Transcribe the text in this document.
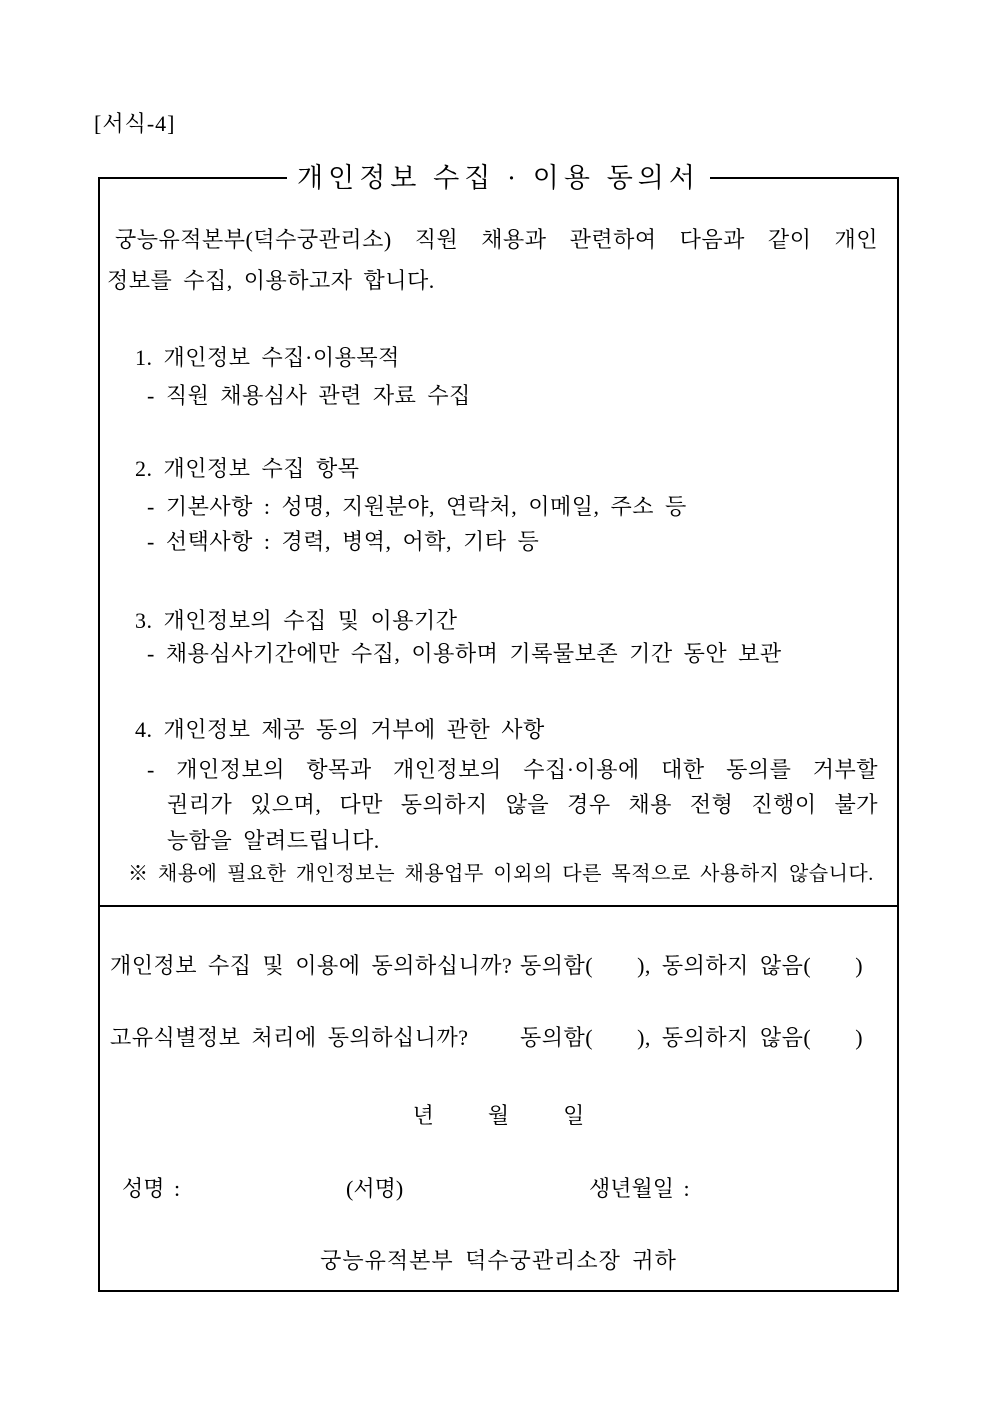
[서식-4]
개인정보 수집 · 이용 동의서
궁능유적본부(덕수궁관리소) 직원 채용과 관련하여 다음과 같이 개인
정보를 수집, 이용하고자 합니다.
1. 개인정보 수집·이용목적
- 직원 채용심사 관련 자료 수집
2. 개인정보 수집 항목
- 기본사항 : 성명, 지원분야, 연락처, 이메일, 주소 등
- 선택사항 : 경력, 병역, 어학, 기타 등
3. 개인정보의 수집 및 이용기간
- 채용심사기간에만 수집, 이용하며 기록물보존 기간 동안 보관
4. 개인정보 제공 동의 거부에 관한 사항
- 개인정보의 항목과 개인정보의 수집·이용에 대한 동의를 거부할
권리가 있으며, 다만 동의하지 않을 경우 채용 전형 진행이 불가
능함을 알려드립니다.
※ 채용에 필요한 개인정보는 채용업무 이외의 다른 목적으로 사용하지 않습니다.
개인정보 수집 및 이용에 동의하십니까? 동의함(    ), 동의하지 않음(    )
고유식별정보 처리에 동의하십니까? 동의함(    ), 동의하지 않음(    )
년 월 일
성명 :	(서명)	생년월일 :
궁능유적본부 덕수궁관리소장 귀하
